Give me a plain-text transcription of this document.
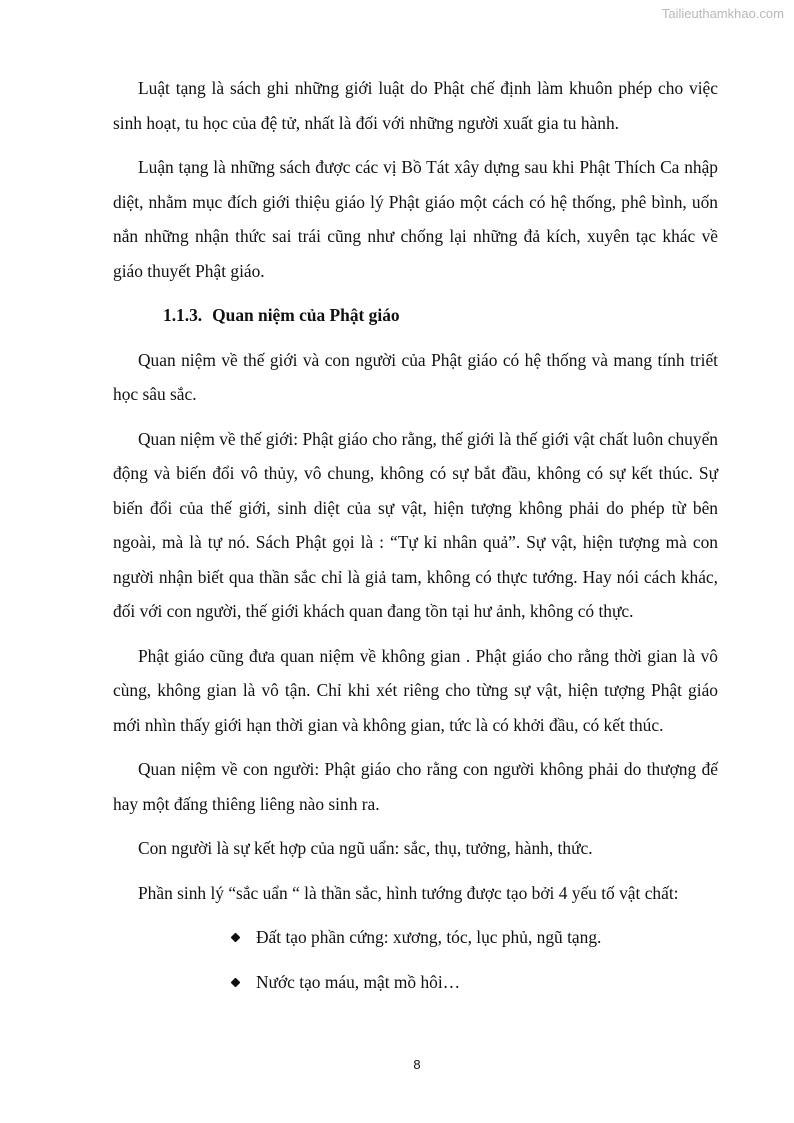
Tailieuthamkhao.com

Luật tạng là sách ghi những giới luật do Phật chế định làm khuôn phép cho việc sinh hoạt, tu học của đệ tử, nhất là đối với những người xuất gia tu hành.

Luận tạng là những sách được các vị Bồ Tát xây dựng sau khi Phật Thích Ca nhập diệt, nhằm mục đích giới thiệu giáo lý Phật giáo một cách có hệ thống, phê bình, uốn nắn những nhận thức sai trái cũng như chống lại những đả kích, xuyên tạc khác về giáo thuyết Phật giáo.

1.1.3. Quan niệm của Phật giáo

Quan niệm về thế giới và con người của Phật giáo có hệ thống và mang tính triết học sâu sắc.

Quan niệm về thế giới: Phật giáo cho rằng, thế giới là thế giới vật chất luôn chuyển động và biến đổi vô thủy, vô chung, không có sự bắt đầu, không có sự kết thúc. Sự biến đổi của thế giới, sinh diệt của sự vật, hiện tượng không phải do phép từ bên ngoài, mà là tự nó. Sách Phật gọi là : “Tự kỉ nhân quả”. Sự vật, hiện tượng mà con người nhận biết qua thần sắc chỉ là giả tam, không có thực tướng. Hay nói cách khác, đối với con người, thế giới khách quan đang tồn tại hư ảnh, không có thực.

Phật giáo cũng đưa quan niệm về không gian . Phật giáo cho rằng thời gian là vô cùng, không gian là vô tận. Chỉ khi xét riêng cho từng sự vật, hiện tượng Phật giáo mới nhìn thấy giới hạn thời gian và không gian, tức là có khởi đầu, có kết thúc.

Quan niệm về con người: Phật giáo cho rằng con người không phải do thượng đế hay một đấng thiêng liêng nào sinh ra.

Con người là sự kết hợp của ngũ uẩn: sắc, thụ, tưởng, hành, thức.

Phần sinh lý “sắc uẩn “ là thần sắc, hình tướng được tạo bởi 4 yếu tố vật chất:

Đất tạo phần cứng: xương, tóc, lục phủ, ngũ tạng.
Nước tạo máu, mật mồ hôi…
8
